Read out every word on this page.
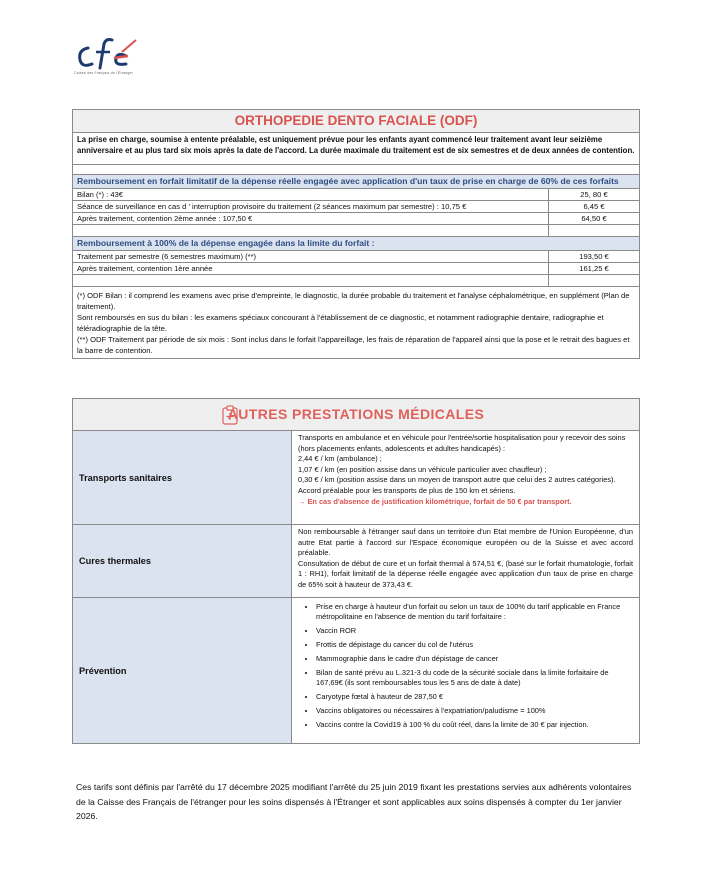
Caisse des Français de l'Étranger
ORTHOPEDIE DENTO FACIALE (ODF)
La prise en charge, soumise à entente préalable, est uniquement prévue pour les enfants ayant commencé leur traitement avant leur seizième anniversaire et au plus tard six mois après la date de l'accord. La durée maximale du traitement est de six semestres et de deux années de contention.
Remboursement en forfait limitatif de la dépense réelle engagée avec application d'un taux de prise en charge de 60% de ces forfaits
Bilan (*) : 43€	25, 80 €
Séance de surveillance en cas d ' interruption provisoire du traitement (2 séances maximum par semestre) : 10,75 €	6,45 €
Après traitement, contention 2ème année : 107,50 €	64,50 €
Remboursement à 100% de la dépense engagée dans la limite du forfait :
Traitement par semestre (6 semestres maximum) (**)	193,50 €
Après traitement, contention 1ère année	161,25 €
(*) ODF Bilan : il comprend les examens avec prise d'empreinte, le diagnostic, la durée probable du traitement et l'analyse céphalométrique, en supplément (Plan de traitement).
Sont remboursés en sus du bilan : les examens spéciaux concourant à l'établissement de ce diagnostic, et notamment radiographie dentaire, radiographie et téléradiographie de la tête.
(**) ODF Traitement par période de six mois : Sont inclus dans le forfait l'appareillage, les frais de réparation de l'appareil ainsi que la pose et le retrait des bagues et la barre de contention.
AUTRES PRESTATIONS MÉDICALES
Transports sanitaires
Transports en ambulance et en véhicule pour l'entrée/sortie hospitalisation pour y recevoir des soins (hors placements enfants, adolescents et adultes handicapés) :
2,44 € / km (ambulance) ;
1,07 € / km (en position assise dans un véhicule particulier avec chauffeur) ;
0,30 € / km (position assise dans un moyen de transport autre que celui des 2 autres catégories).
Accord préalable pour les transports de plus de 150 km et sériens.
→ En cas d'absence de justification kilométrique, forfait de 50 € par transport.
Cures thermales
Non remboursable à l'étranger sauf dans un territoire d'un Etat membre de l'Union Européenne, d'un autre Etat partie à l'accord sur l'Espace économique européen ou de la Suisse et avec accord préalable.
Consultation de début de cure et un forfait thermal à 574,51 €, (basé sur le forfait rhumatologie, forfait 1 : RH1), forfait limitatif de la dépense réelle engagée avec application d'un taux de prise en charge de 65% soit à hauteur de 373,43 €.
Prévention
• Prise en charge à hauteur d'un forfait ou selon un taux de 100% du tarif applicable en France métropolitaine en l'absence de mention du tarif forfaitaire :
• Vaccin ROR
• Frottis de dépistage du cancer du col de l'utérus
• Mammographie dans le cadre d'un dépistage de cancer
• Bilan de santé prévu au L.321-3 du code de la sécurité sociale dans la limite forfaitaire de 167,69€ (ils sont remboursables tous les 5 ans de date à date)
• Caryotype fœtal à hauteur de 287,50 €
• Vaccins obligatoires ou nécessaires à l'expatriation/paludisme = 100%
• Vaccins contre la Covid19 à 100 % du coût réel, dans la limite de 30 € par injection.
Ces tarifs sont définis par l'arrêté du 17 décembre 2025 modifiant l'arrêté du 25 juin 2019 fixant les prestations servies aux adhérents volontaires de la Caisse des Français de l'étranger pour les soins dispensés à l'Étranger et sont applicables aux soins dispensés à compter du 1er janvier 2026.
